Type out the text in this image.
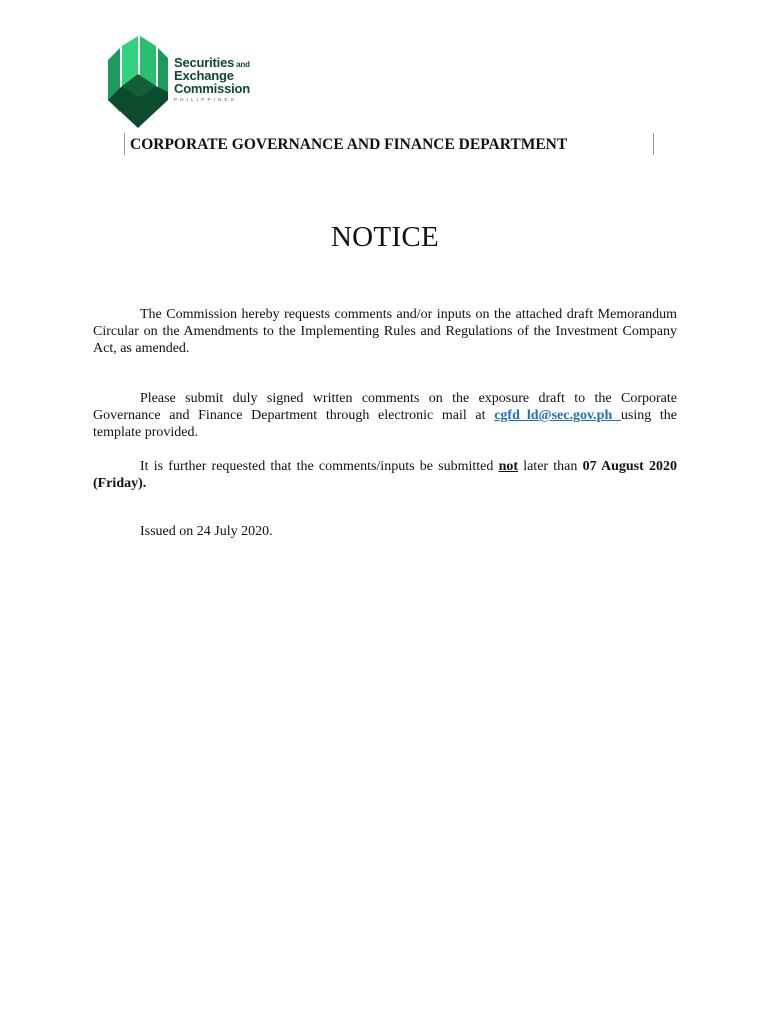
Securities and
Exchange
Commission
PHILIPPINES
CORPORATE GOVERNANCE AND FINANCE DEPARTMENT
NOTICE

The Commission hereby requests comments and/or inputs on the attached draft Memorandum Circular on the Amendments to the Implementing Rules and Regulations of the Investment Company Act, as amended.

Please submit duly signed written comments on the exposure draft to the Corporate Governance and Finance Department through electronic mail at cgfd_ld@sec.gov.ph using the template provided.

It is further requested that the comments/inputs be submitted not later than 07 August 2020 (Friday).

Issued on 24 July 2020.
